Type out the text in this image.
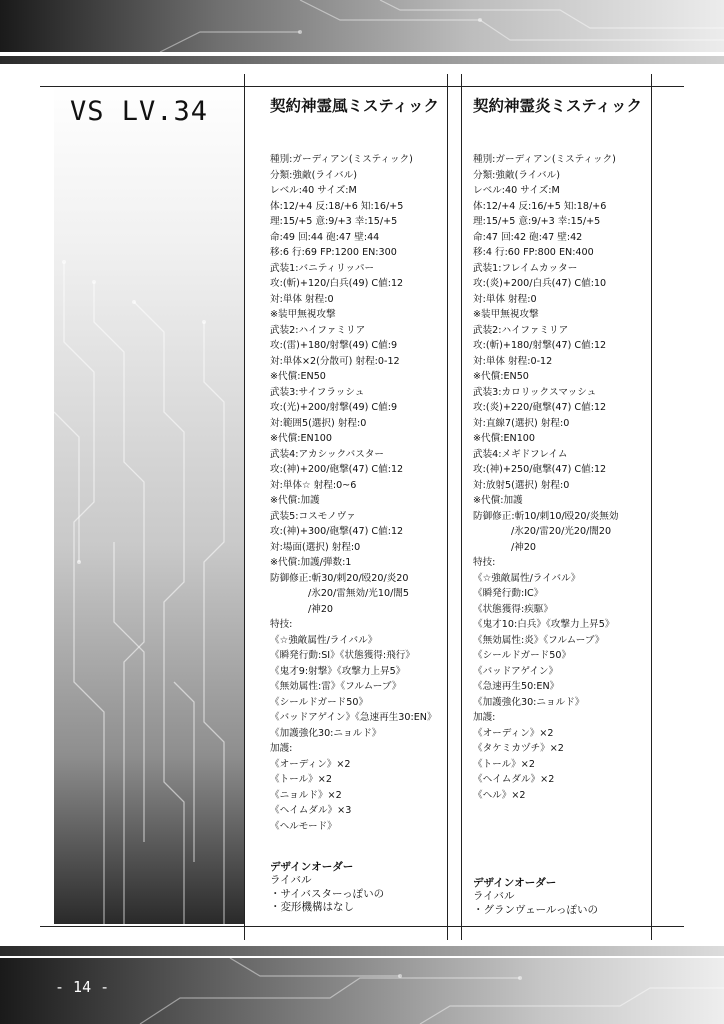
VS LV.34	契約神霊風ミスティック
種別:ガーディアン(ミスティック)
分類:強敵(ライバル)
レベル:40 サイズ:M
体:12/+4 反:18/+6 知:16/+5
理:15/+5 意:9/+3 幸:15/+5
命:49 回:44 砲:47 壁:44
移:6 行:69 FP:1200 EN:300
武装1:バニティリッパー
攻:(斬)+120/白兵(49) C値:12
対:単体 射程:0
※装甲無視攻撃
武装2:ハイファミリア
攻:(雷)+180/射撃(49) C値:9
対:単体×2(分散可) 射程:0-12
※代償:EN50
武装3:サイフラッシュ
攻:(光)+200/射撃(49) C値:9
対:範囲5(選択) 射程:0
※代償:EN100
武装4:アカシックバスター
攻:(神)+200/砲撃(47) C値:12
対:単体☆ 射程:0~6
※代償:加護
武装5:コスモノヴァ
攻:(神)+300/砲撃(47) C値:12
対:場面(選択) 射程:0
※代償:加護/弾数:1
防御修正:斬30/刺20/殴20/炎20
/氷20/雷無効/光10/闇5
/神20
特技:
《☆強敵属性/ライバル》
《瞬発行動:SI》《状態獲得:飛行》
《鬼才9:射撃》《攻撃力上昇5》
《無効属性:雷》《フルムーブ》
《シールドガード50》
《バッドアゲイン》《急速再生30:EN》
《加護強化30:ニョルド》
加護:
《オーディン》×2
《トール》×2
《ニョルド》×2
《ヘイムダル》×3
《ヘルモード》
デザインオーダー
ライバル
・サイバスターっぽいの
・変形機構はなし
契約神霊炎ミスティック
種別:ガーディアン(ミスティック)
分類:強敵(ライバル)
レベル:40 サイズ:M
体:12/+4 反:16/+5 知:18/+6
理:15/+5 意:9/+3 幸:15/+5
命:47 回:42 砲:47 壁:42
移:4 行:60 FP:800 EN:400
武装1:フレイムカッター
攻:(炎)+200/白兵(47) C値:10
対:単体 射程:0
※装甲無視攻撃
武装2:ハイファミリア
攻:(斬)+180/射撃(47) C値:12
対:単体 射程:0-12
※代償:EN50
武装3:カロリックスマッシュ
攻:(炎)+220/砲撃(47) C値:12
対:直線7(選択) 射程:0
※代償:EN100
武装4:メギドフレイム
攻:(神)+250/砲撃(47) C値:12
対:放射5(選択) 射程:0
※代償:加護
防御修正:斬10/刺10/殴20/炎無効
/氷20/雷20/光20/闇20
/神20
特技:
《☆強敵属性/ライバル》
《瞬発行動:IC》
《状態獲得:疾駆》
《鬼才10:白兵》《攻撃力上昇5》
《無効属性:炎》《フルムーブ》
《シールドガード50》
《バッドアゲイン》
《急速再生50:EN》
《加護強化30:ニョルド》
加護:
《オーディン》×2
《タケミカヅチ》×2
《トール》×2
《ヘイムダル》×2
《ヘル》×2
デザインオーダー
ライバル
・グランヴェールっぽいの
- 14 -
